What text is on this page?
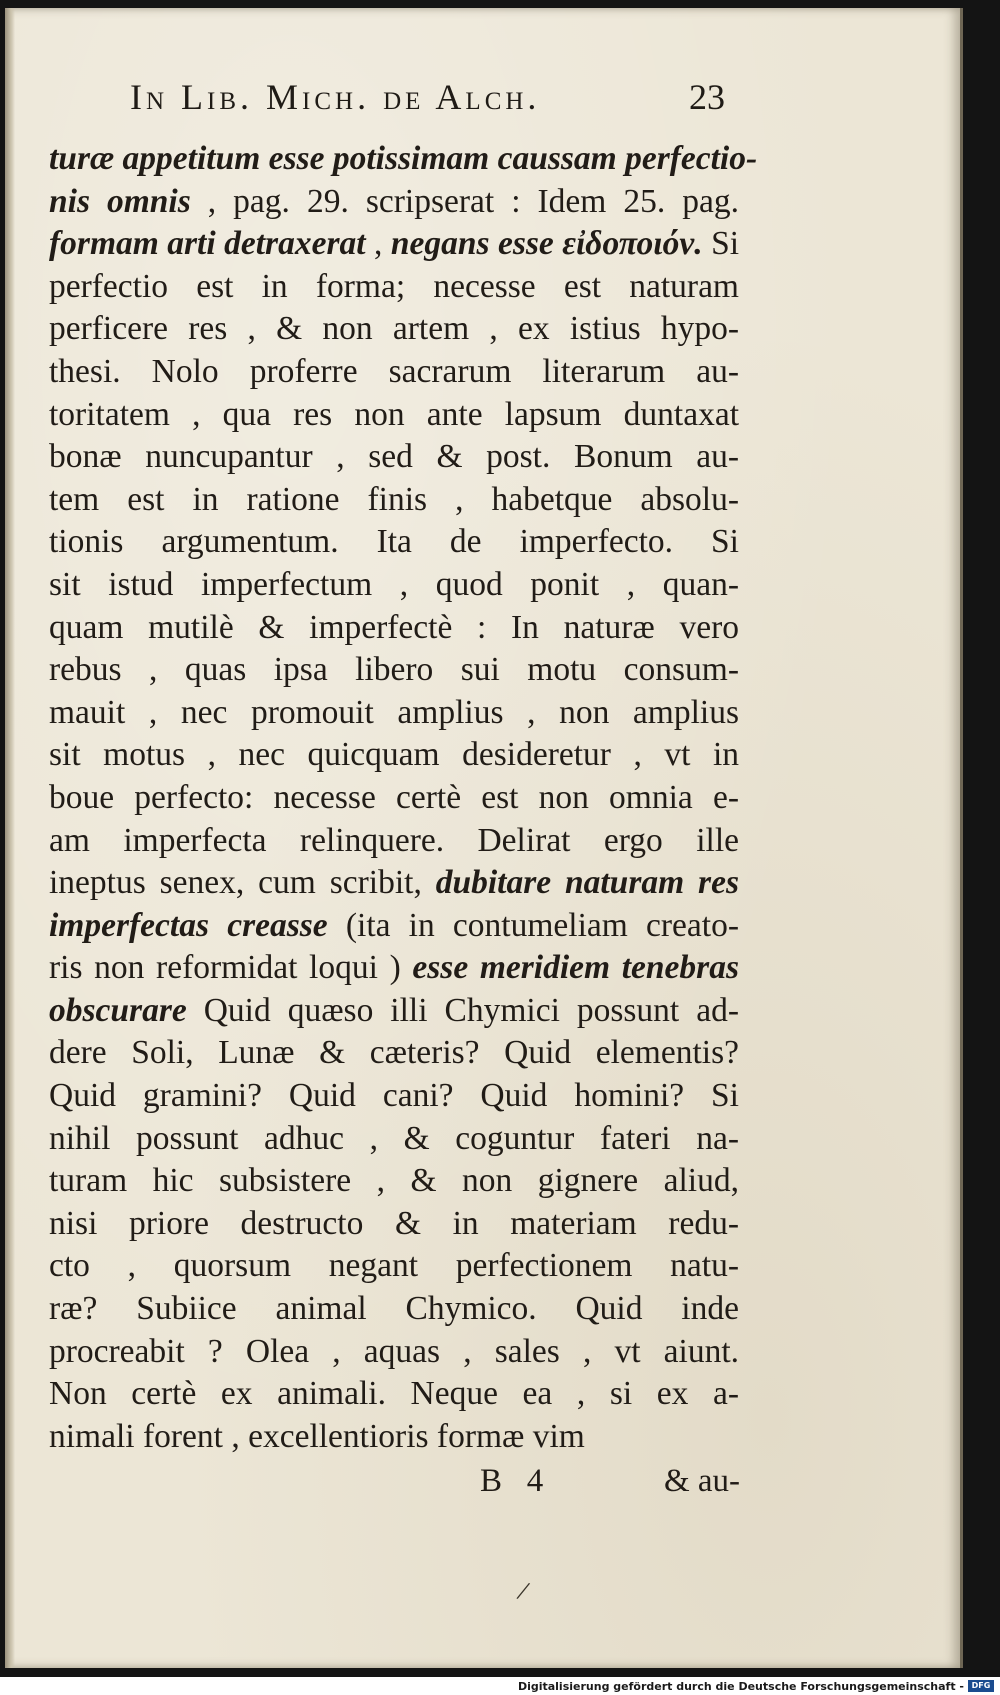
In Lib. Mich. de Alch.	23
turæ appetitum esse potissimam caussam perfectio-
nis omnis , pag. 29. scripserat : Idem 25. pag.
formam arti detraxerat , negans esse εἰδοποιόν. Si
perfectio est in forma; necesse est naturam
perficere res , & non artem , ex istius hypo-
thesi. Nolo proferre sacrarum literarum au-
toritatem , qua res non ante lapsum duntaxat
bonæ nuncupantur , sed & post. Bonum au-
tem est in ratione finis , habetque absolu-
tionis argumentum. Ita de imperfecto. Si
sit istud imperfectum , quod ponit , quan-
quam mutilè & imperfectè : In naturæ vero
rebus , quas ipsa libero sui motu consum-
mauit , nec promouit amplius , non amplius
sit motus , nec quicquam desideretur , vt in
boue perfecto: necesse certè est non omnia e-
am imperfecta relinquere. Delirat ergo ille
ineptus senex, cum scribit, dubitare naturam res
imperfectas creasse (ita in contumeliam creato-
ris non reformidat loqui ) esse meridiem tenebras
obscurare Quid quæso illi Chymici possunt ad-
dere Soli, Lunæ & cæteris? Quid elementis?
Quid gramini? Quid cani? Quid homini? Si
nihil possunt adhuc , & coguntur fateri na-
turam hic subsistere , & non gignere aliud,
nisi priore destructo & in materiam redu-
cto , quorsum negant perfectionem natu-
ræ? Subiice animal Chymico. Quid inde
procreabit ? Olea , aquas , sales , vt aiunt.
Non certè ex animali. Neque ea , si ex a-
nimali forent , excellentioris formæ vim
B   4	& au-
/
Digitalisierung gefördert durch die Deutsche Forschungsgemeinschaft - DFG
